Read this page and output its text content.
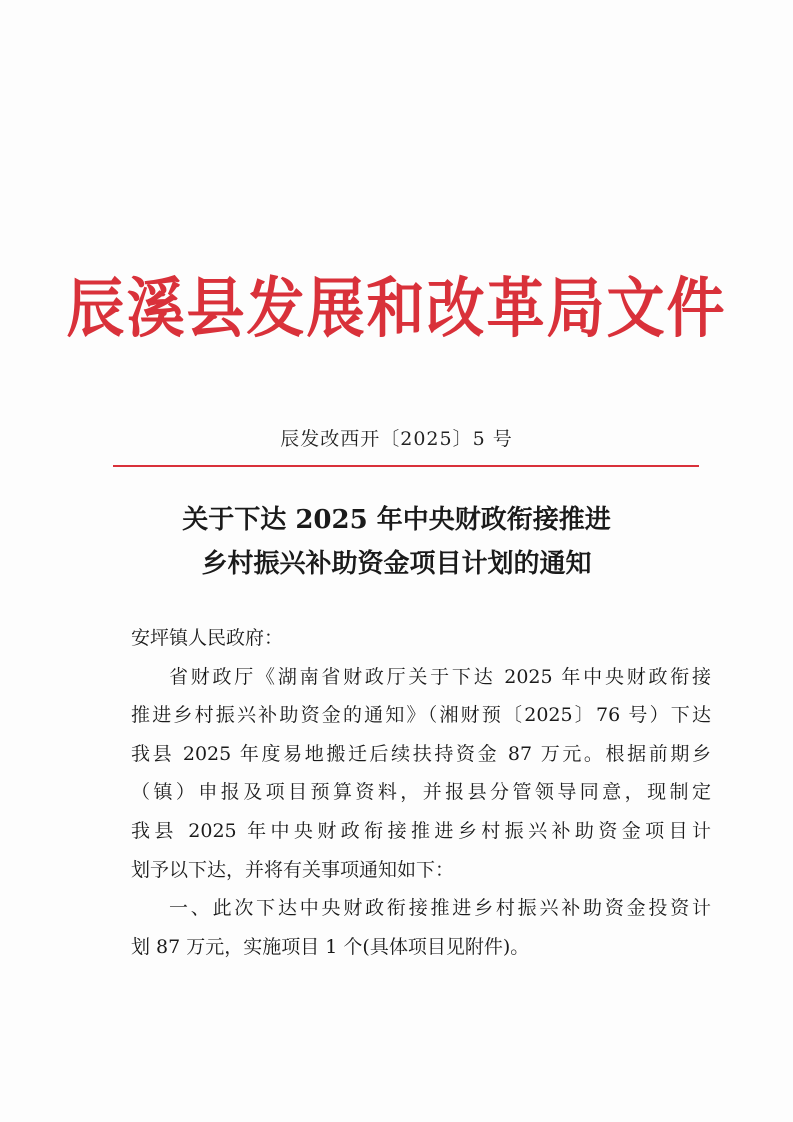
辰溪县发展和改革局文件
辰发改西开〔2025〕5 号
关于下达 2025 年中央财政衔接推进
乡村振兴补助资金项目计划的通知
安坪镇人民政府：
省财政厅《湖南省财政厅关于下达 2025 年中央财政衔接
推进乡村振兴补助资金的通知》（湘财预〔2025〕76 号）下达
我县 2025 年度易地搬迁后续扶持资金 87 万元。根据前期乡
（镇）申报及项目预算资料，并报县分管领导同意，现制定
我县 2025 年中央财政衔接推进乡村振兴补助资金项目计
划予以下达，并将有关事项通知如下：
一、此次下达中央财政衔接推进乡村振兴补助资金投资计
划 87 万元，实施项目 1 个(具体项目见附件)。
